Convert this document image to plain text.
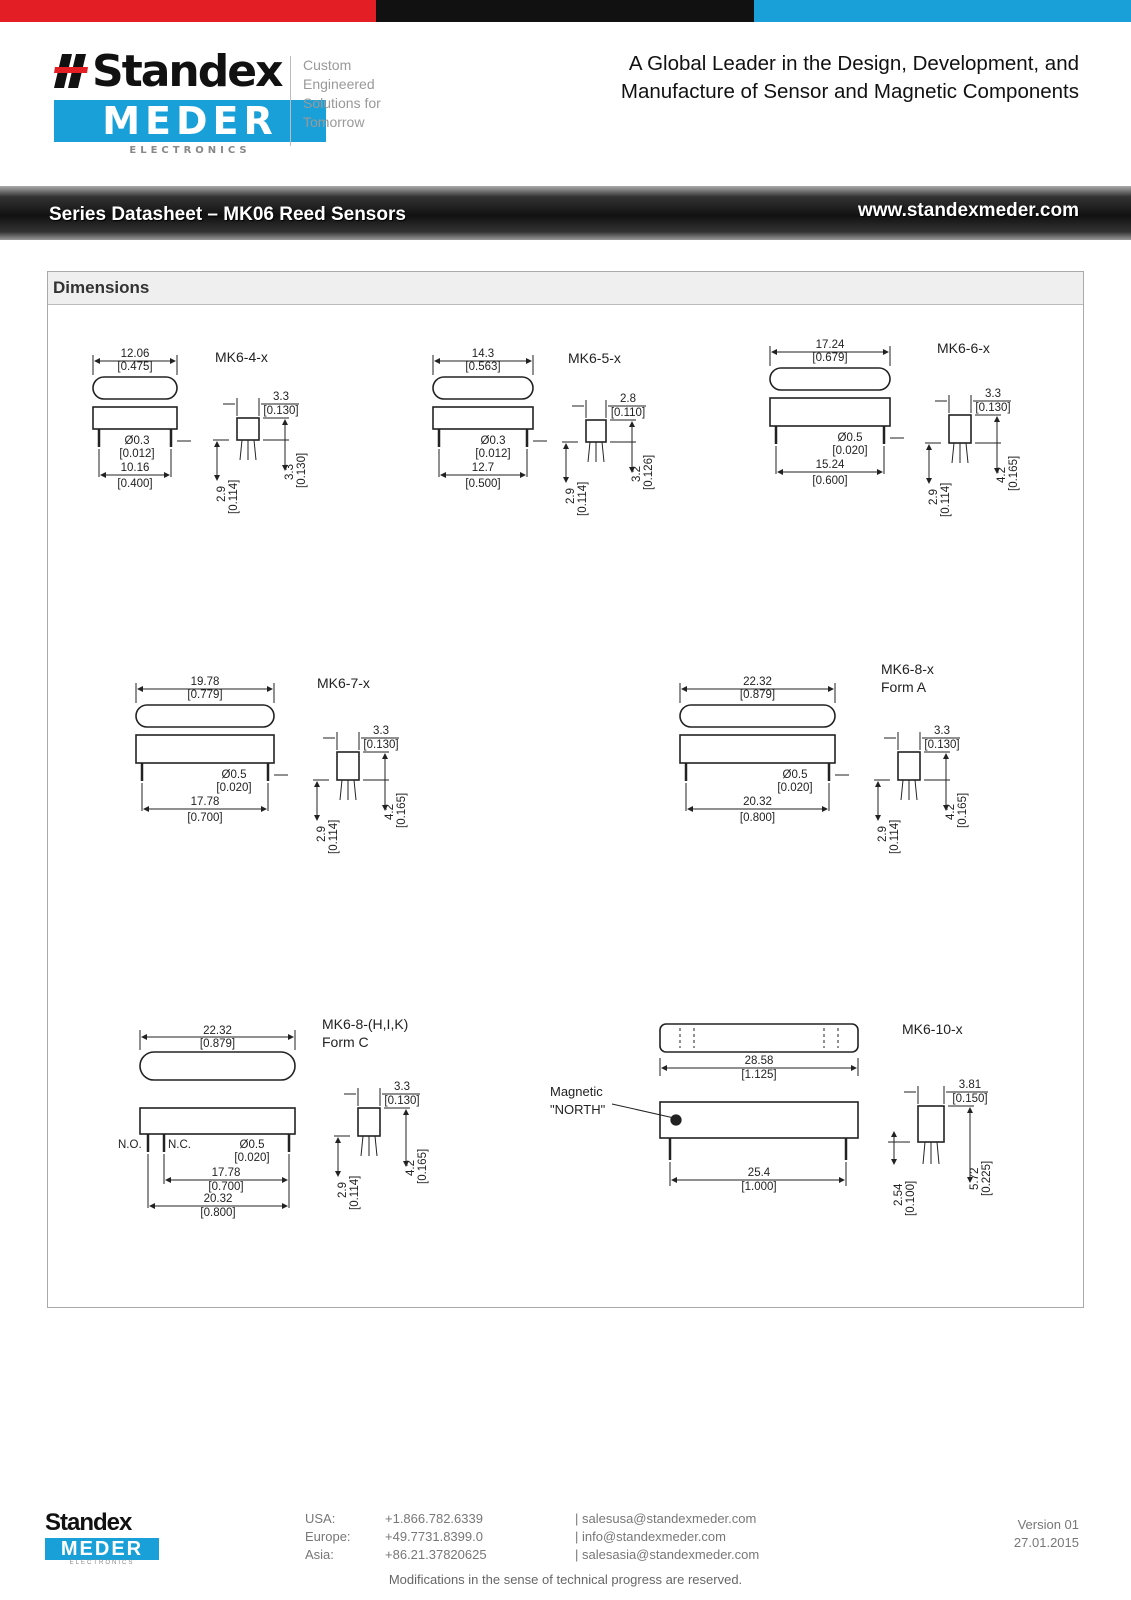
Standex
MEDER
ELECTRONICS
Custom
Engineered
Solutions for
Tomorrow
A Global Leader in the Design, Development, and
Manufacture of Sensor and Magnetic Components
Series Datasheet – MK06 Reed Sensors	www.standexmeder.com
Dimensions
12.06
[0.475]
Ø0.3
[0.012]
10.16
[0.400]
MK6-4-x
3.3
[0.130]
3.3 [0.130]
2.9 [0.114]
14.3
[0.563]
Ø0.3
[0.012]
12.7
[0.500]
MK6-5-x
2.8
[0.110]
3.2 [0.126]
2.9 [0.114]
17.24
[0.679]
Ø0.5
[0.020]
15.24
[0.600]
MK6-6-x
3.3
[0.130]
4.2 [0.165]
2.9 [0.114]
19.78
[0.779]
Ø0.5
[0.020]
17.78
[0.700]
MK6-7-x
3.3
[0.130]
4.2 [0.165]
2.9 [0.114]
22.32
[0.879]
Ø0.5
[0.020]
20.32
[0.800]
MK6-8-x
Form A
3.3
[0.130]
4.2 [0.165]
2.9 [0.114]
22.32
[0.879]
N.O. N.C.	Ø0.5
[0.020]
17.78
[0.700]
20.32
[0.800]
MK6-8-(H,I,K)
Form C
3.3
[0.130]
4.2 [0.165]
2.9 [0.114]
28.58
[1.125]
25.4
[1.000]
Magnetic
"NORTH"
MK6-10-x
3.81
[0.150]
5.72 [0.225]
2.54 [0.100]
Standex
MEDER
ELECTRONICS
USA:
Europe:
Asia:
+1.866.782.6339
+49.7731.8399.0
+86.21.37820625
| salesusa@standexmeder.com
| info@standexmeder.com
| salesasia@standexmeder.com
Version 01
27.01.2015
Modifications in the sense of technical progress are reserved.
